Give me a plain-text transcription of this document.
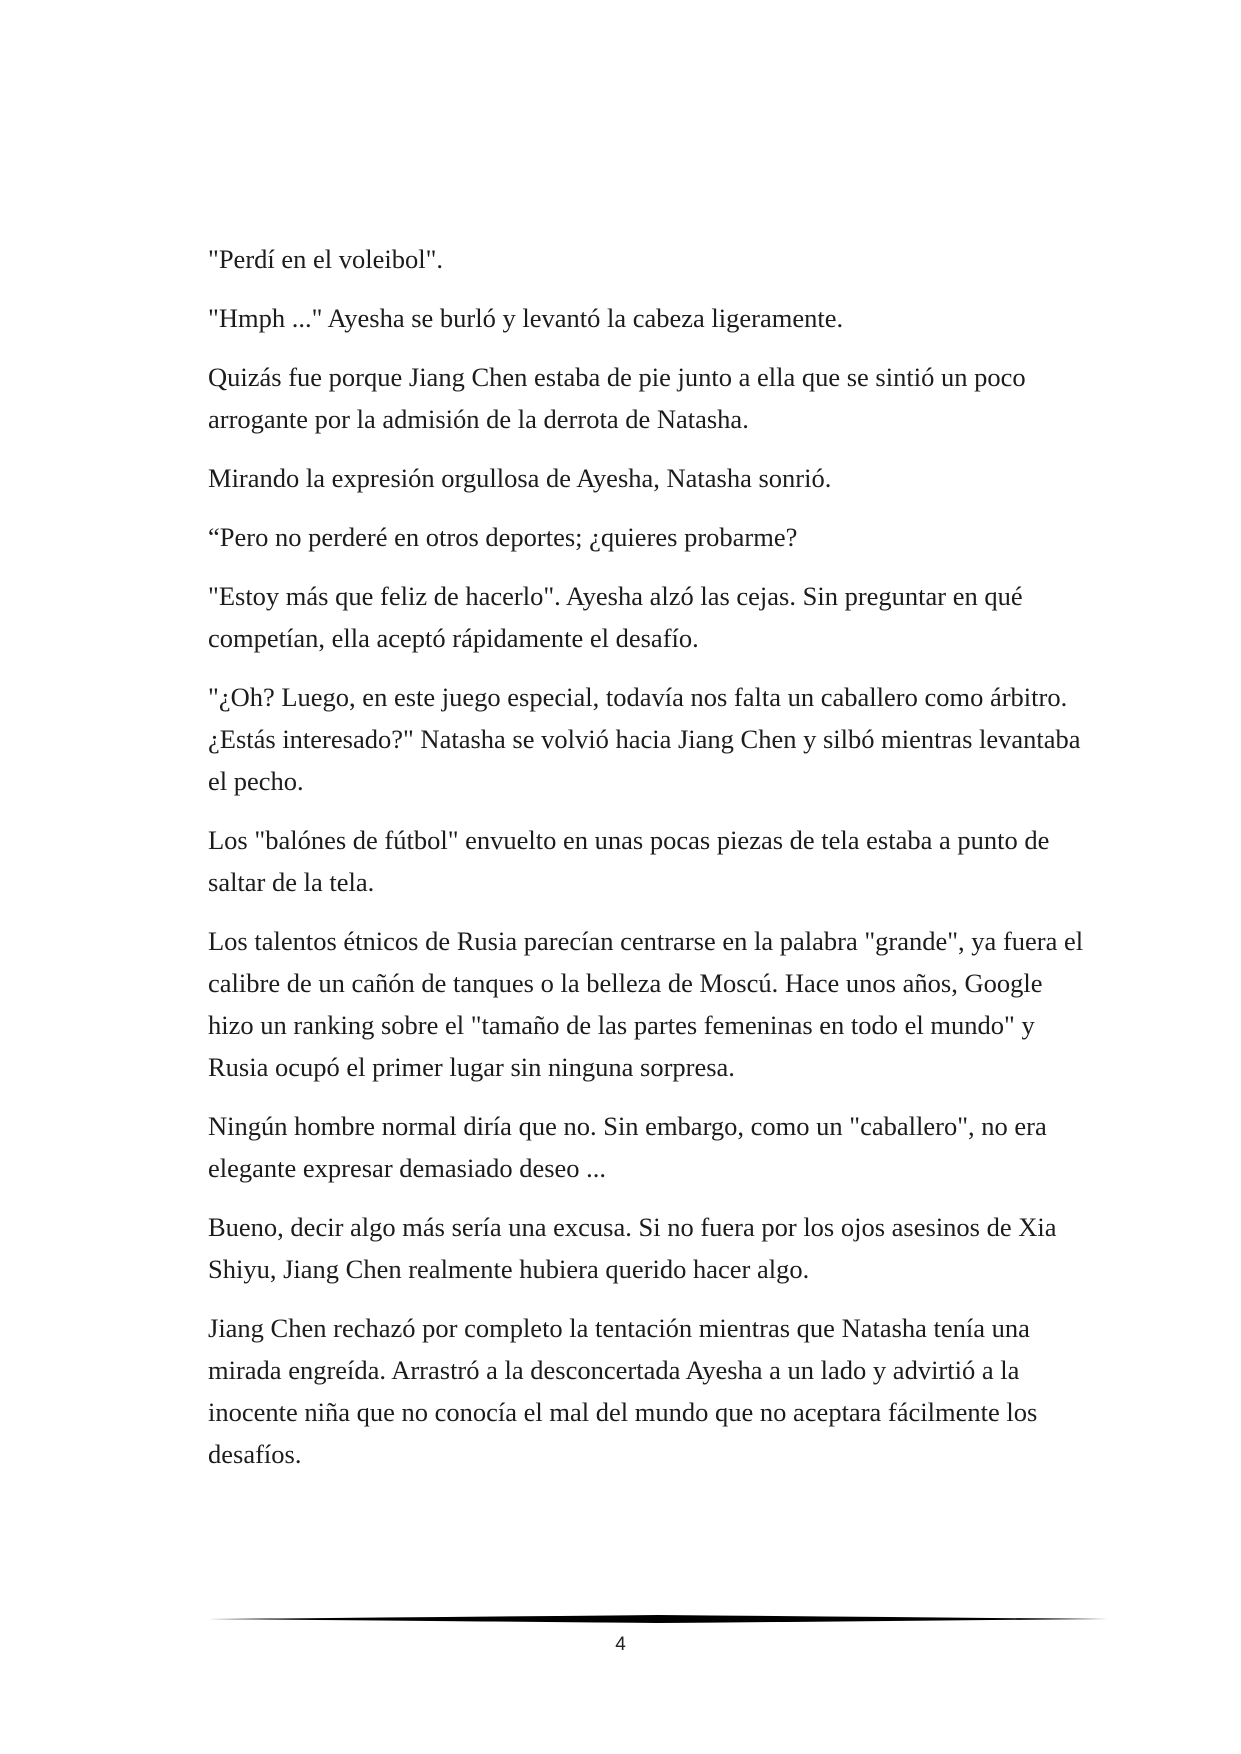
"Perdí en el voleibol".

"Hmph ..." Ayesha se burló y levantó la cabeza ligeramente.

Quizás fue porque Jiang Chen estaba de pie junto a ella que se sintió un poco arrogante por la admisión de la derrota de Natasha.

Mirando la expresión orgullosa de Ayesha, Natasha sonrió.

“Pero no perderé en otros deportes; ¿quieres probarme?

"Estoy más que feliz de hacerlo". Ayesha alzó las cejas. Sin preguntar en qué competían, ella aceptó rápidamente el desafío.

"¿Oh? Luego, en este juego especial, todavía nos falta un caballero como árbitro. ¿Estás interesado?" Natasha se volvió hacia Jiang Chen y silbó mientras levantaba el pecho.

Los "balónes de fútbol" envuelto en unas pocas piezas de tela estaba a punto de saltar de la tela.

Los talentos étnicos de Rusia parecían centrarse en la palabra "grande", ya fuera el calibre de un cañón de tanques o la belleza de Moscú. Hace unos años, Google hizo un ranking sobre el "tamaño de las partes femeninas en todo el mundo" y Rusia ocupó el primer lugar sin ninguna sorpresa.

Ningún hombre normal diría que no. Sin embargo, como un "caballero", no era elegante expresar demasiado deseo ...

Bueno, decir algo más sería una excusa. Si no fuera por los ojos asesinos de Xia Shiyu, Jiang Chen realmente hubiera querido hacer algo.

Jiang Chen rechazó por completo la tentación mientras que Natasha tenía una mirada engreída. Arrastró a la desconcertada Ayesha a un lado y advirtió a la inocente niña que no conocía el mal del mundo que no aceptara fácilmente los desafíos.

4
